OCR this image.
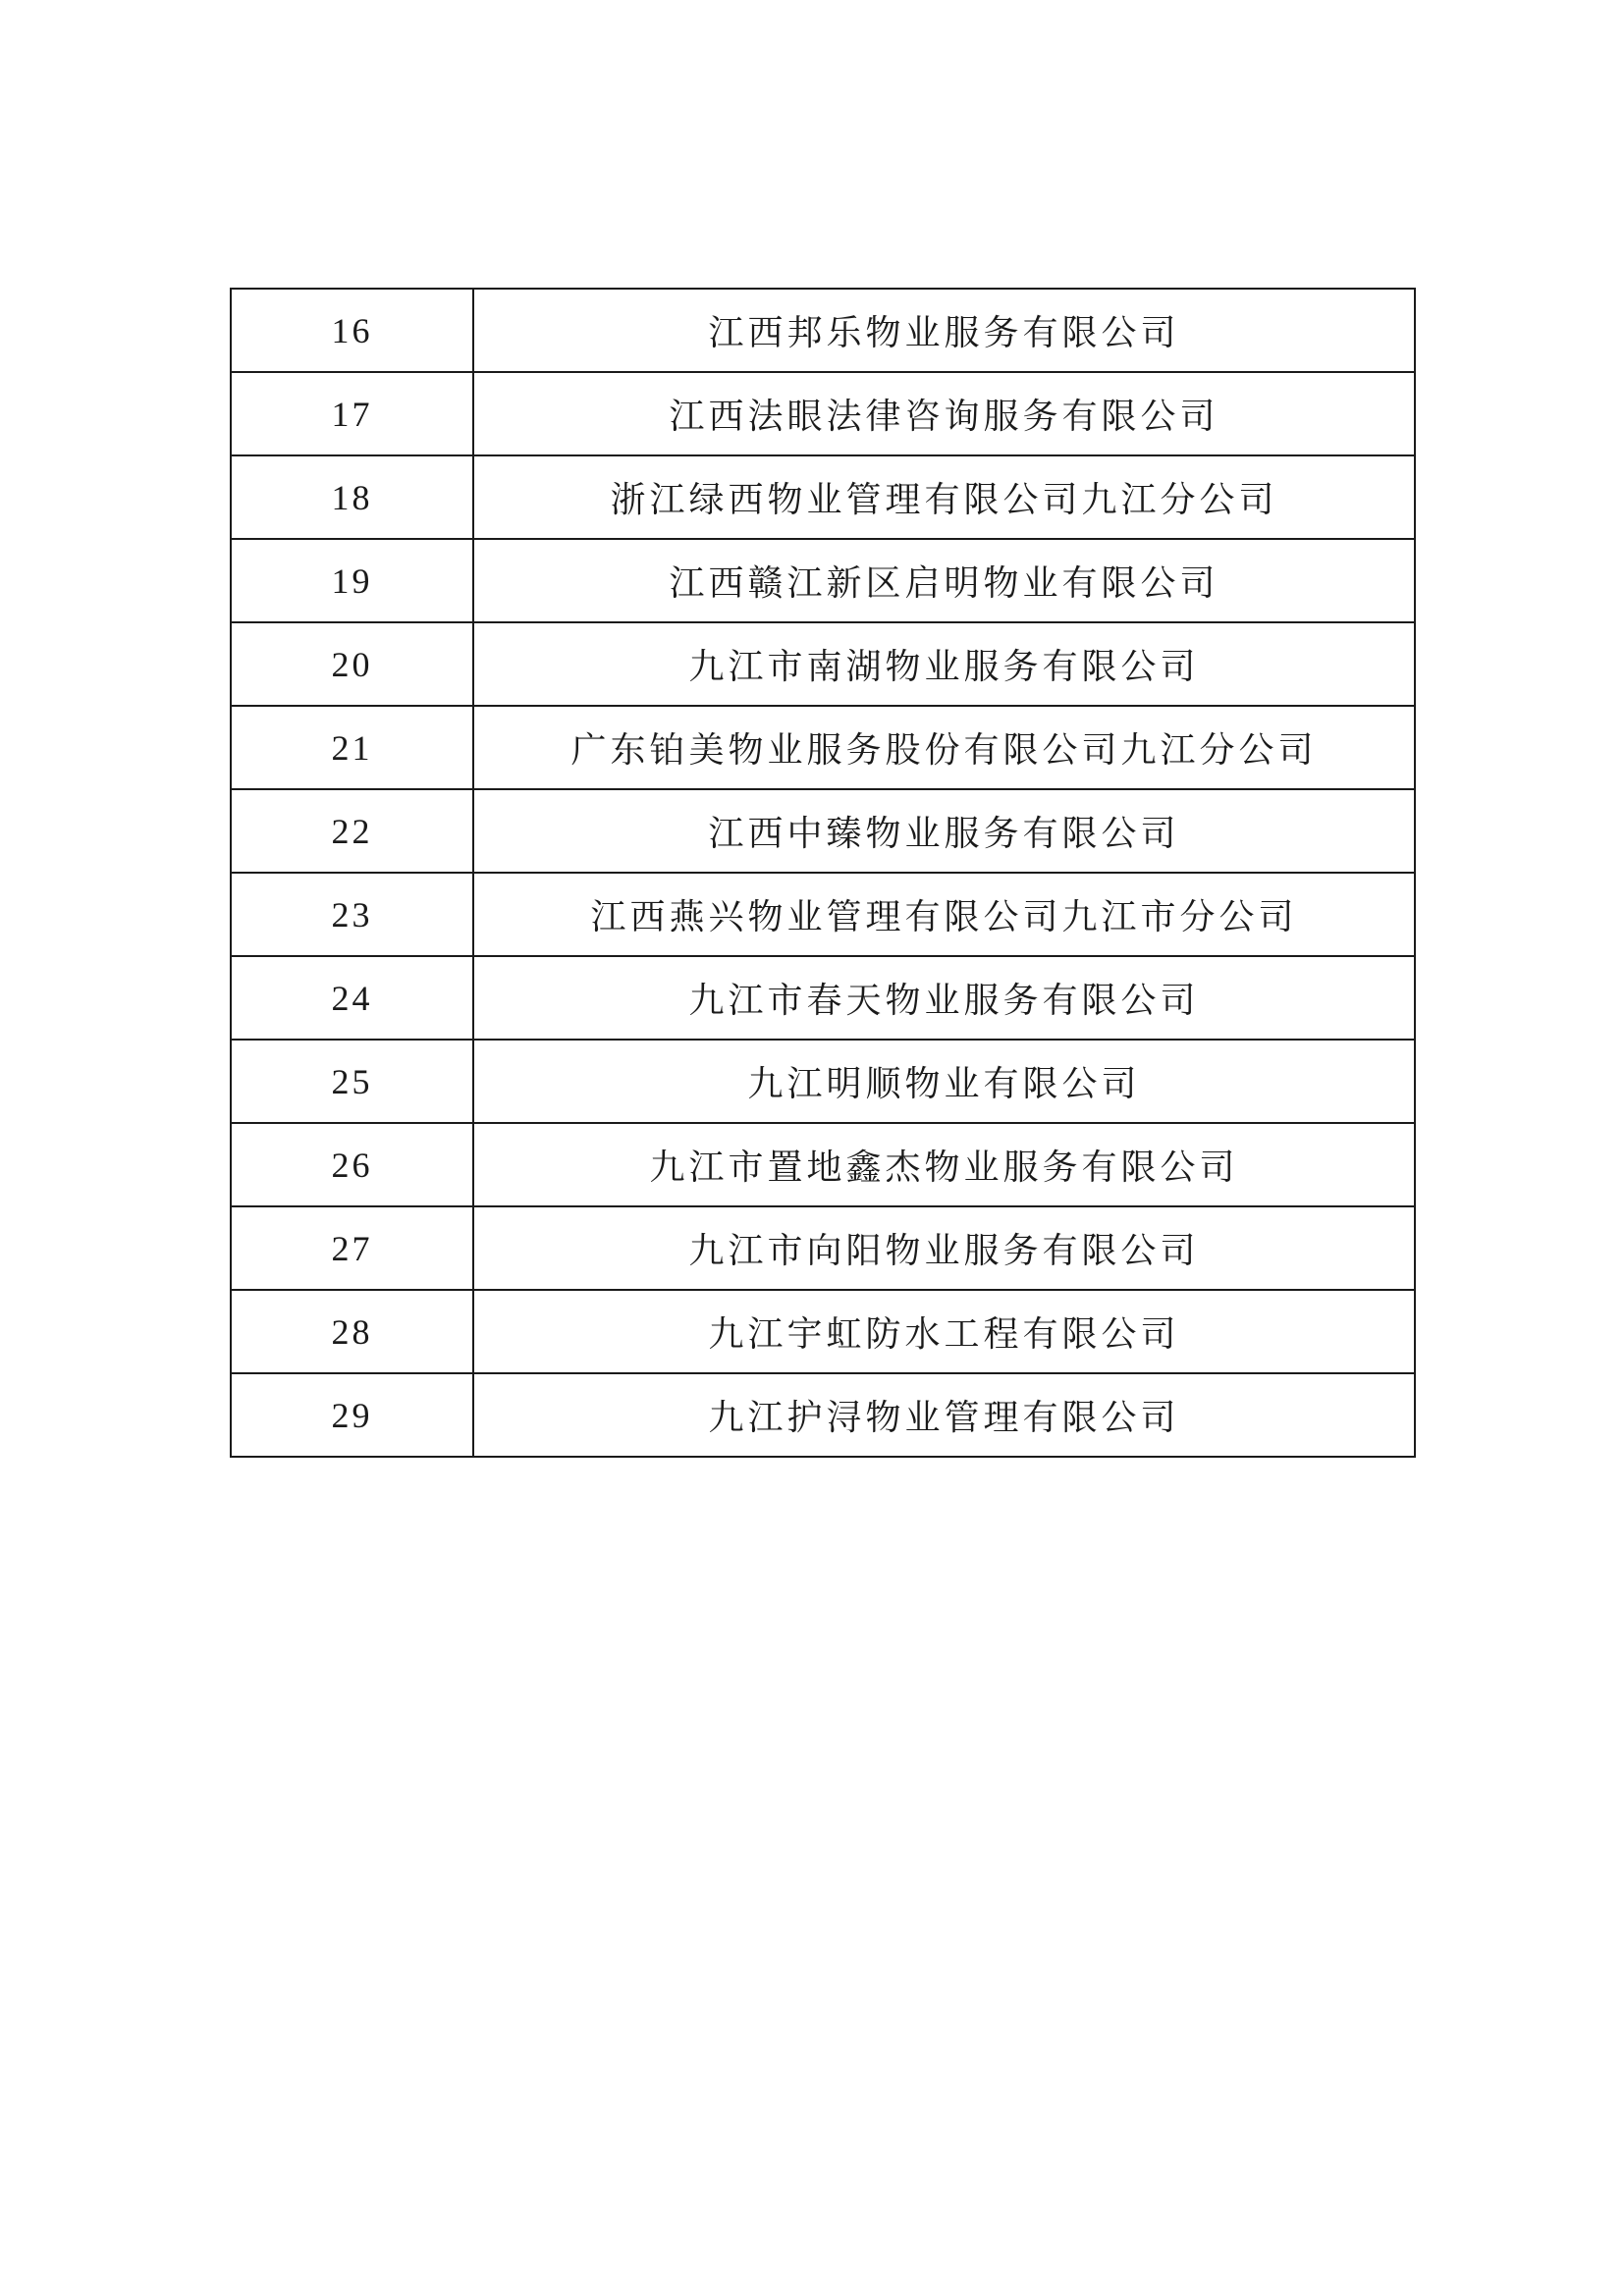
16	江西邦乐物业服务有限公司
17	江西法眼法律咨询服务有限公司
18	浙江绿西物业管理有限公司九江分公司
19	江西赣江新区启明物业有限公司
20	九江市南湖物业服务有限公司
21	广东铂美物业服务股份有限公司九江分公司
22	江西中臻物业服务有限公司
23	江西燕兴物业管理有限公司九江市分公司
24	九江市春天物业服务有限公司
25	九江明顺物业有限公司
26	九江市置地鑫杰物业服务有限公司
27	九江市向阳物业服务有限公司
28	九江宇虹防水工程有限公司
29	九江护浔物业管理有限公司
